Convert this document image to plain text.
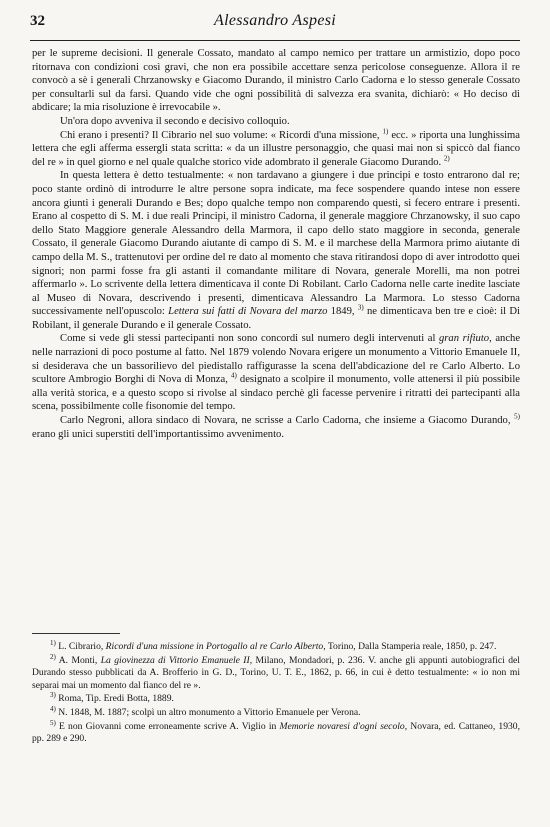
32	Alessandro Aspesi

per le supreme decisioni. Il generale Cossato, mandato al campo nemico per trattare un armistizio, dopo poco ritornava con condizioni così gravi, che non era possibile accettare senza pericolose conseguenze. Allora il re convocò a sè i generali Chrzanowsky e Giacomo Durando, il ministro Carlo Cadorna e lo stesso generale Cossato per consultarli sul da farsi. Quando vide che ogni possibilità di salvezza era svanita, dichiarò: « Ho deciso di abdicare; la mia risoluzione è irrevocabile ».

Un'ora dopo avveniva il secondo e decisivo colloquio.

Chi erano i presenti? Il Cibrario nel suo volume: « Ricordi d'una missione, $^{1)}$ ecc. » riporta una lunghissima lettera che egli afferma essergli stata scritta: « da un illustre personaggio, che quasi mai non si spiccò dal fianco del re » in quel giorno e nel quale qualche storico vide adombrato il generale Giacomo Durando. $^{2)}$

In questa lettera è detto testualmente: « non tardavano a giungere i due principi e tosto entrarono dal re; poco stante ordinò di introdurre le altre persone sopra indicate, ma fece sospendere quando intese non essere ancora giunti i generali Durando e Bes; dopo qualche tempo non comparendo questi, si fecero entrare i presenti. Erano al cospetto di S. M. i due reali Principi, il ministro Cadorna, il generale maggiore Chrzanowsky, il suo capo dello Stato Maggiore generale Alessandro della Marmora, il capo dello stato maggiore in seconda, generale Cossato, il generale Giacomo Durando aiutante di campo di S. M. e il marchese della Marmora primo aiutante di campo della M. S., trattenutovi per ordine del re dato al momento che stava ritirandosi dopo di aver introdotto quei signori; non parmi fosse fra gli astanti il comandante militare di Novara, generale Morelli, ma non potrei affermarlo ». Lo scrivente della lettera dimenticava il conte Di Robilant. Carlo Cadorna nelle carte inedite lasciate al Museo di Novara, descrivendo i presenti, dimenticava Alessandro La Marmora. Lo stesso Cadorna successivamente nell'opuscolo: Lettera sui fatti di Novara del marzo 1849, $^{3)}$ ne dimenticava ben tre e cioè: il Di Robilant, il generale Durando e il generale Cossato.

Come si vede gli stessi partecipanti non sono concordi sul numero degli intervenuti al gran rifiuto, anche nelle narrazioni di poco postume al fatto. Nel 1879 volendo Novara erigere un monumento a Vittorio Emanuele II, si desiderava che un bassorilievo del piedistallo raffigurasse la scena dell'abdicazione del re Carlo Alberto. Lo scultore Ambrogio Borghi di Nova di Monza, $^{4)}$ designato a scolpire il monumento, volle attenersi il più possibile alla verità storica, e a questo scopo si rivolse al sindaco perchè gli facesse pervenire i ritratti dei partecipanti alla scena, possibilmente colle fisonomie del tempo.

Carlo Negroni, allora sindaco di Novara, ne scrisse a Carlo Cadorna, che insieme a Giacomo Durando, $^{5)}$ erano gli unici superstiti dell'importantissimo avvenimento.

$^{1)}$ L. Cibrario, Ricordi d'una missione in Portogallo al re Carlo Alberto, Torino, Dalla Stamperia reale, 1850, p. 247.

$^{2)}$ A. Monti, La giovinezza di Vittorio Emanuele II, Milano, Mondadori, p. 236. V. anche gli appunti autobiografici del Durando stesso pubblicati da A. Brofferio in G. D., Torino, U. T. E., 1862, p. 66, in cui è detto testualmente: « io non mi separai mai un momento dal fianco del re ».

$^{3)}$ Roma, Tip. Eredi Botta, 1889.

$^{4)}$ N. 1848, M. 1887; scolpì un altro monumento a Vittorio Emanuele per Verona.

$^{5)}$ E non Giovanni come erroneamente scrive A. Viglio in Memorie novaresi d'ogni secolo, Novara, ed. Cattaneo, 1930, pp. 289 e 290.
